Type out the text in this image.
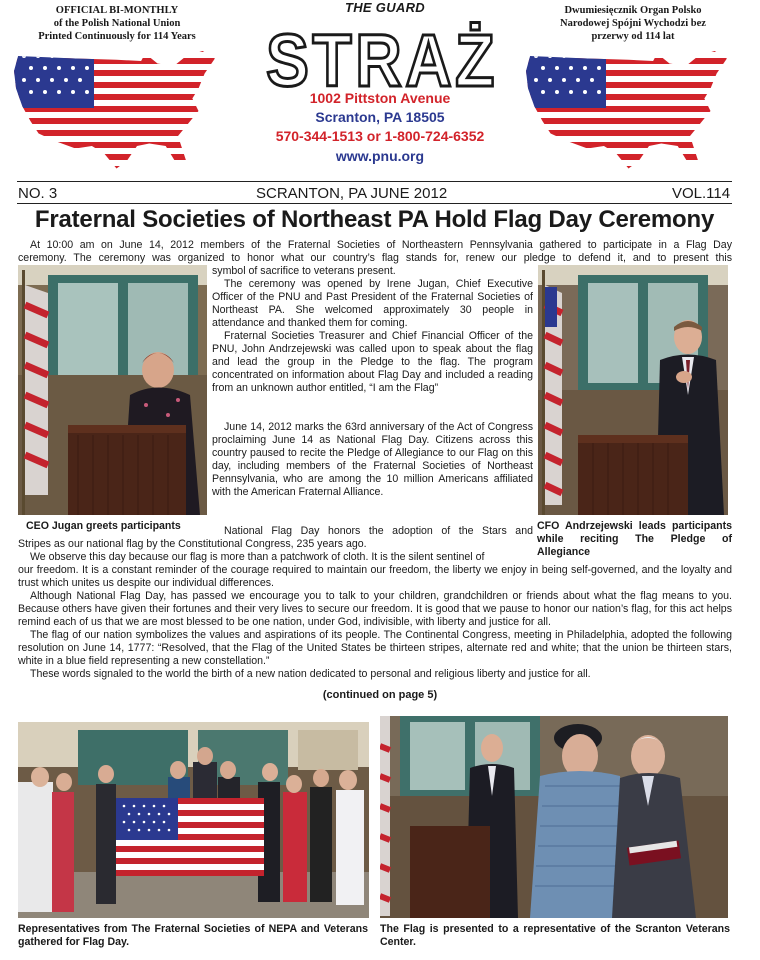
OFFICIAL BI-MONTHLY
of the Polish National Union
Printed Continuously for 114 Years
Dwumiesięcznik Organ Polsko
Narodowej Spójni Wychodzi bez
przerwy od 114 lat
THE GUARD
STRAŻ
1002 Pittston Avenue
Scranton, PA 18505
570-344-1513 or 1-800-724-6352
www.pnu.org
NO. 3	SCRANTON, PA JUNE 2012	VOL.114
Fraternal Societies of Northeast PA Hold Flag Day Ceremony
At 10:00 am on June 14, 2012 members of the Fraternal Societies of Northeastern Pennsylvania gathered to participate in a Flag Day
ceremony. The ceremony was organized to honor what our country’s flag stands for, renew our pledge to defend it, and to present this
symbol of sacrifice to veterans present.
The ceremony was opened by Irene Jugan, Chief Executive Officer of the PNU and Past President of the Fraternal Societies of Northeast PA. She welcomed approximately 30 people in attendance and thanked them for coming.
Fraternal Societies Treasurer and Chief Financial Officer of the PNU, John Andrzejewski was called upon to speak about the flag and lead the group in the Pledge to the flag. The program concentrated on information about Flag Day and included a reading from an unknown author entitled, “I am the Flag”
June 14, 2012 marks the 63rd anniversary of the Act of Congress proclaiming June 14 as National Flag Day. Citizens across this country paused to recite the Pledge of Allegiance to our Flag on this day, including members of the Fraternal Societies of Northeast Pennsylvania, who are among the 10 million Americans affiliated with the American Fraternal Alliance.
National Flag Day honors the adoption of the Stars and
Stripes as our national flag by the Constitutional Congress, 235 years ago.
We observe this day because our flag is more than a patchwork of cloth. It is the silent sentinel of
our freedom. It is a constant reminder of the courage required to maintain our freedom, the liberty we enjoy in being self-governed, and the loyalty and trust which unites us despite our individual differences.
Although National Flag Day, has passed we encourage you to talk to your children, grandchildren or friends about what the flag means to you. Because others have given their fortunes and their very lives to secure our freedom. It is good that we pause to honor our nation’s flag, for this act helps remind each of us that we are most blessed to be one nation, under God, indivisible, with liberty and justice for all.
The flag of our nation symbolizes the values and aspirations of its people. The Continental Congress, meeting in Philadelphia, adopted the following resolution on June 14, 1777: “Resolved, that the Flag of the United States be thirteen stripes, alternate red and white; that the union be thirteen stars, white in a blue field representing a new constellation.”
These words signaled to the world the birth of a new nation dedicated to personal and religious liberty and justice for all.
(continued on page 5)
CEO Jugan greets participants	CFO Andrzejewski leads participants while reciting The Pledge of Allegiance
Representatives from The Fraternal Societies of NEPA and Veterans gathered for Flag Day.
The Flag is presented to a representative of the Scranton Veterans Center.
